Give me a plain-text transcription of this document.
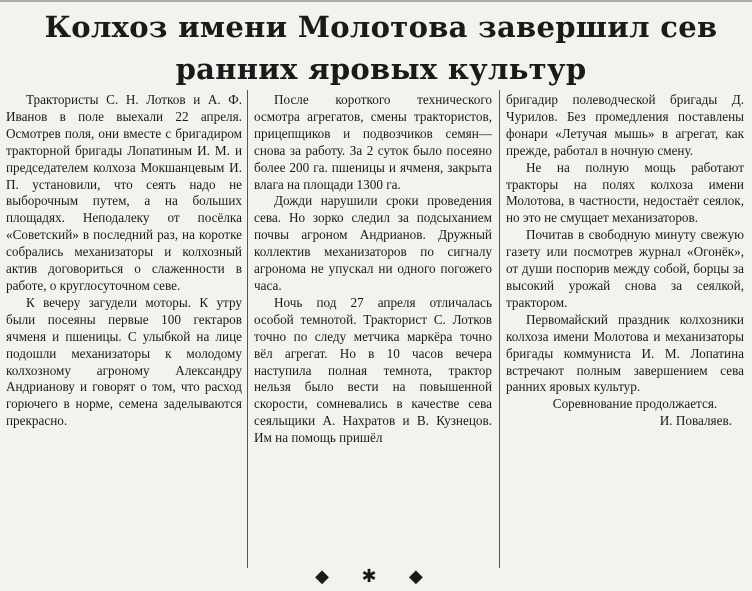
Колхоз имени Молотова завершил сев
ранних яровых культур

Трактористы С. Н. Лотков и А. Ф. Иванов в поле выехали 22 апреля. Осмотрев поля, они вместе с бригадиром тракторной бригады Лопатиным И. М. и председателем колхоза Мокшанцевым И. П. установили, что сеять надо не выборочным путем, а на больших площадях. Неподалеку от посёлка «Советский» в последний раз, на коротке собрались механизаторы и колхозный актив договориться о слаженности в работе, о круглосуточном севе.

К вечеру загудели моторы. К утру были посеяны первые 100 гектаров ячменя и пшеницы. С улыбкой на лице подошли механизаторы к молодому колхозному агроному Александру Андрианову и говорят о том, что расход горючего в норме, семена заделываются прекрасно.

После короткого технического осмотра агрегатов, смены трактористов, прицепщиков и подвозчиков семян—снова за работу. За 2 суток было посеяно более 200 га. пшеницы и ячменя, закрыта влага на площади 1300 га.

Дожди нарушили сроки проведения сева. Но зорко следил за подсыханием почвы агроном Андрианов. Дружный коллектив механизаторов по сигналу агронома не упускал ни одного погожего часа.

Ночь под 27 апреля отличалась особой темнотой. Тракторист С. Лотков точно по следу метчика маркёра точно вёл агрегат. Но в 10 часов вечера наступила полная темнота, трактор нельзя было вести на повышенной скорости, сомневались в качестве сева сеяльщики А. Нахратов и В. Кузнецов. Им на помощь пришёл

бригадир полеводческой бригады Д. Чурилов. Без промедления поставлены фонари «Летучая мышь» в агрегат, как прежде, работал в ночную смену.

Не на полную мощь работают тракторы на полях колхоза имени Молотова, в частности, недостаёт сеялок, но это не смущает механизаторов.

Почитав в свободную минуту свежую газету или посмотрев журнал «Огонёк», от души поспорив между собой, борцы за высокий урожай снова за сеялкой, трактором.

Первомайский праздник колхозники колхоза имени Молотова и механизаторы бригады коммуниста И. М. Лопатина встречают полным завершением сева ранних яровых культур.

Соревнование продолжается.

И. Поваляев.

◆ ✱ ◆
